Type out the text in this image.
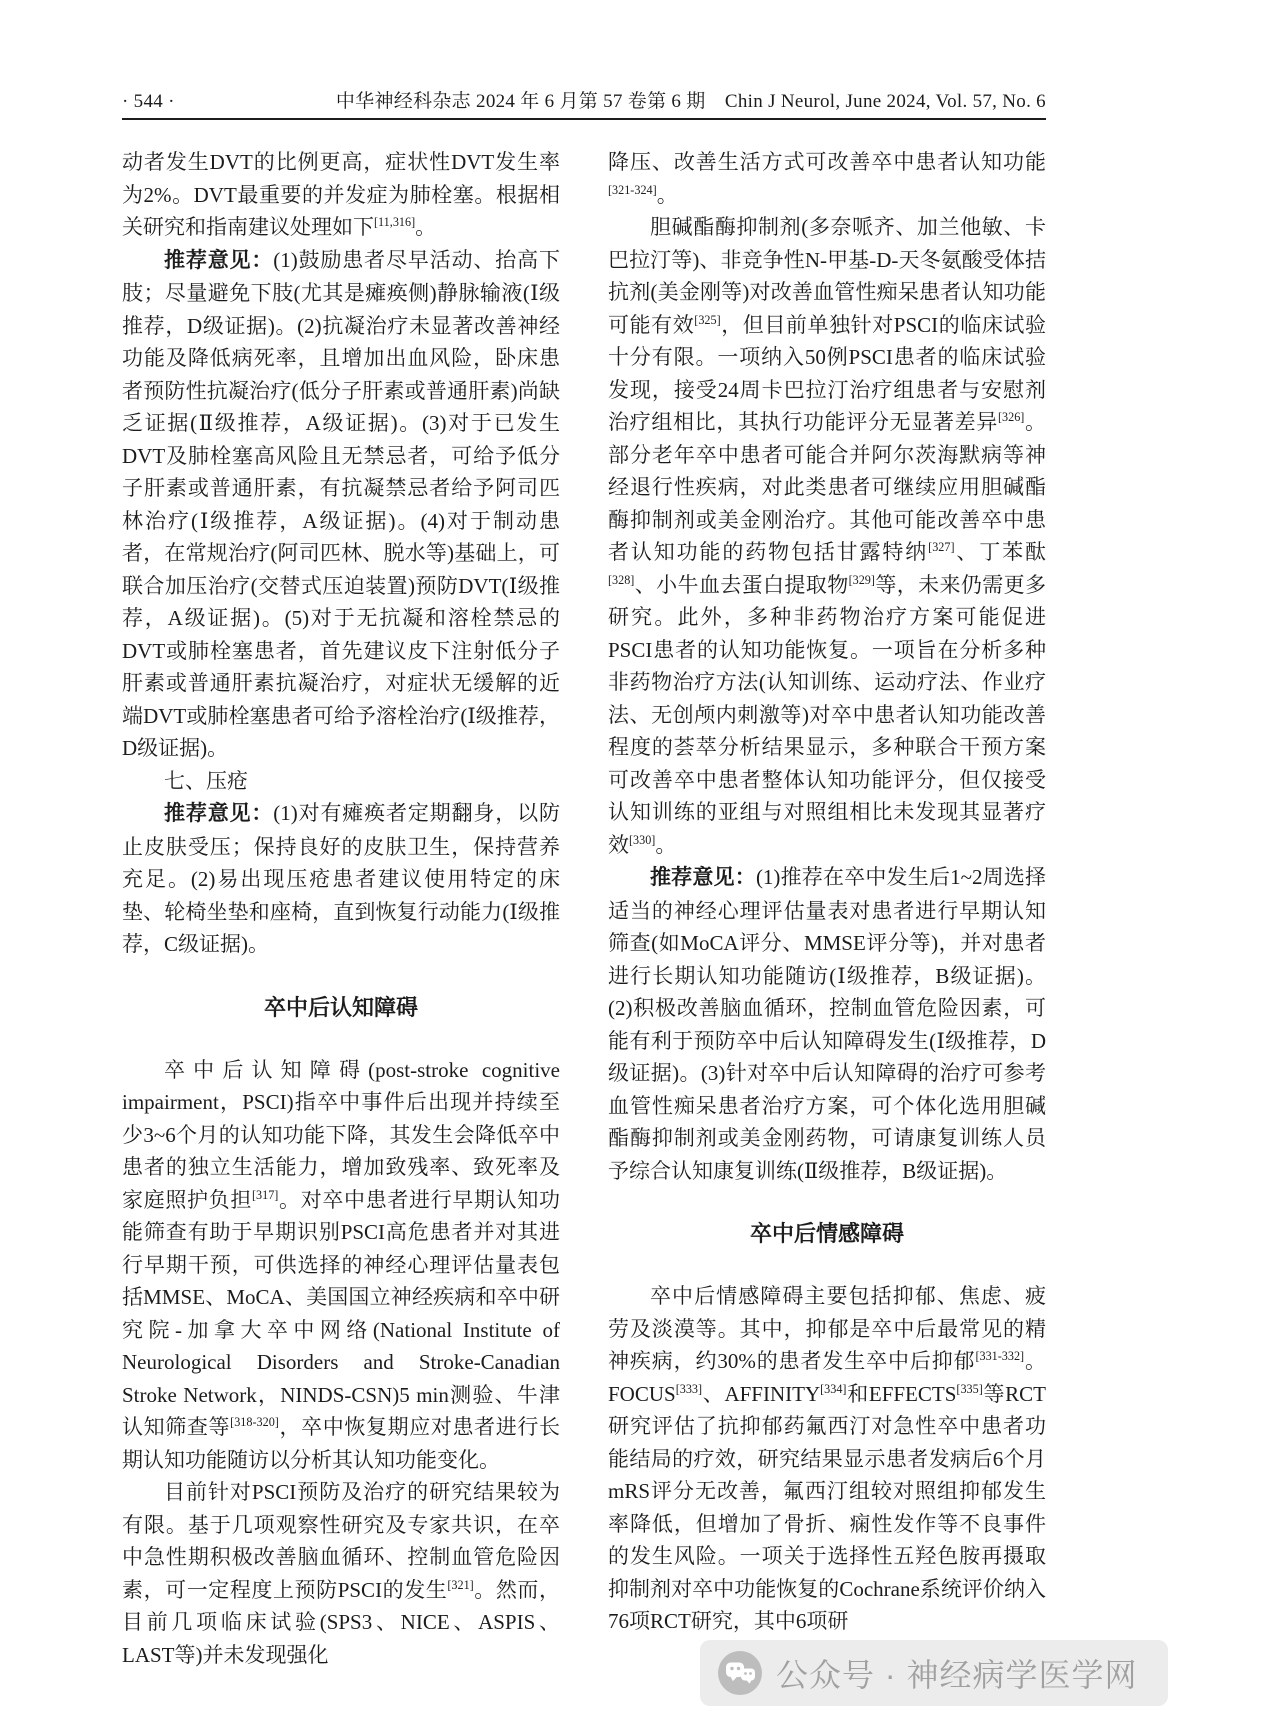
· 544 ·	中华神经科杂志 2024 年 6 月第 57 卷第 6 期　Chin J Neurol, June 2024, Vol. 57, No. 6
动者发生DVT的比例更高，症状性DVT发生率为2%。DVT最重要的并发症为肺栓塞。根据相关研究和指南建议处理如下[11,316]。
推荐意见：(1)鼓励患者尽早活动、抬高下肢；尽量避免下肢(尤其是瘫痪侧)静脉输液(Ⅰ级推荐，D级证据)。(2)抗凝治疗未显著改善神经功能及降低病死率，且增加出血风险，卧床患者预防性抗凝治疗(低分子肝素或普通肝素)尚缺乏证据(Ⅱ级推荐，A级证据)。(3)对于已发生DVT及肺栓塞高风险且无禁忌者，可给予低分子肝素或普通肝素，有抗凝禁忌者给予阿司匹林治疗(Ⅰ级推荐，A级证据)。(4)对于制动患者，在常规治疗(阿司匹林、脱水等)基础上，可联合加压治疗(交替式压迫装置)预防DVT(Ⅰ级推荐，A级证据)。(5)对于无抗凝和溶栓禁忌的DVT或肺栓塞患者，首先建议皮下注射低分子肝素或普通肝素抗凝治疗，对症状无缓解的近端DVT或肺栓塞患者可给予溶栓治疗(Ⅰ级推荐，D级证据)。
七、压疮
推荐意见：(1)对有瘫痪者定期翻身，以防止皮肤受压；保持良好的皮肤卫生，保持营养充足。(2)易出现压疮患者建议使用特定的床垫、轮椅坐垫和座椅，直到恢复行动能力(Ⅰ级推荐，C级证据)。
卒中后认知障碍
卒中后认知障碍(post-stroke cognitive impairment，PSCI)指卒中事件后出现并持续至少3~6个月的认知功能下降，其发生会降低卒中患者的独立生活能力，增加致残率、致死率及家庭照护负担[317]。对卒中患者进行早期认知功能筛查有助于早期识别PSCI高危患者并对其进行早期干预，可供选择的神经心理评估量表包括MMSE、MoCA、美国国立神经疾病和卒中研究院-加拿大卒中网络(National Institute of Neurological Disorders and Stroke-Canadian Stroke Network，NINDS-CSN)5 min测验、牛津认知筛查等[318-320]，卒中恢复期应对患者进行长期认知功能随访以分析其认知功能变化。
目前针对PSCI预防及治疗的研究结果较为有限。基于几项观察性研究及专家共识，在卒中急性期积极改善脑血循环、控制血管危险因素，可一定程度上预防PSCI的发生[321]。然而，目前几项临床试验(SPS3、NICE、ASPIS、LAST等)并未发现强化
降压、改善生活方式可改善卒中患者认知功能[321-324]。
胆碱酯酶抑制剂(多奈哌齐、加兰他敏、卡巴拉汀等)、非竞争性N-甲基-D-天冬氨酸受体拮抗剂(美金刚等)对改善血管性痴呆患者认知功能可能有效[325]，但目前单独针对PSCI的临床试验十分有限。一项纳入50例PSCI患者的临床试验发现，接受24周卡巴拉汀治疗组患者与安慰剂治疗组相比，其执行功能评分无显著差异[326]。部分老年卒中患者可能合并阿尔茨海默病等神经退行性疾病，对此类患者可继续应用胆碱酯酶抑制剂或美金刚治疗。其他可能改善卒中患者认知功能的药物包括甘露特纳[327]、丁苯酞[328]、小牛血去蛋白提取物[329]等，未来仍需更多研究。此外，多种非药物治疗方案可能促进PSCI患者的认知功能恢复。一项旨在分析多种非药物治疗方法(认知训练、运动疗法、作业疗法、无创颅内刺激等)对卒中患者认知功能改善程度的荟萃分析结果显示，多种联合干预方案可改善卒中患者整体认知功能评分，但仅接受认知训练的亚组与对照组相比未发现其显著疗效[330]。
推荐意见：(1)推荐在卒中发生后1~2周选择适当的神经心理评估量表对患者进行早期认知筛查(如MoCA评分、MMSE评分等)，并对患者进行长期认知功能随访(Ⅰ级推荐，B级证据)。(2)积极改善脑血循环，控制血管危险因素，可能有利于预防卒中后认知障碍发生(Ⅰ级推荐，D级证据)。(3)针对卒中后认知障碍的治疗可参考血管性痴呆患者治疗方案，可个体化选用胆碱酯酶抑制剂或美金刚药物，可请康复训练人员予综合认知康复训练(Ⅱ级推荐，B级证据)。
卒中后情感障碍
卒中后情感障碍主要包括抑郁、焦虑、疲劳及淡漠等。其中，抑郁是卒中后最常见的精神疾病，约30%的患者发生卒中后抑郁[331-332]。FOCUS[333]、AFFINITY[334]和EFFECTS[335]等RCT研究评估了抗抑郁药氟西汀对急性卒中患者功能结局的疗效，研究结果显示患者发病后6个月mRS评分无改善，氟西汀组较对照组抑郁发生率降低，但增加了骨折、痫性发作等不良事件的发生风险。一项关于选择性五羟色胺再摄取抑制剂对卒中功能恢复的Cochrane系统评价纳入76项RCT研究，其中6项研
公众号 · 神经病学医学网
